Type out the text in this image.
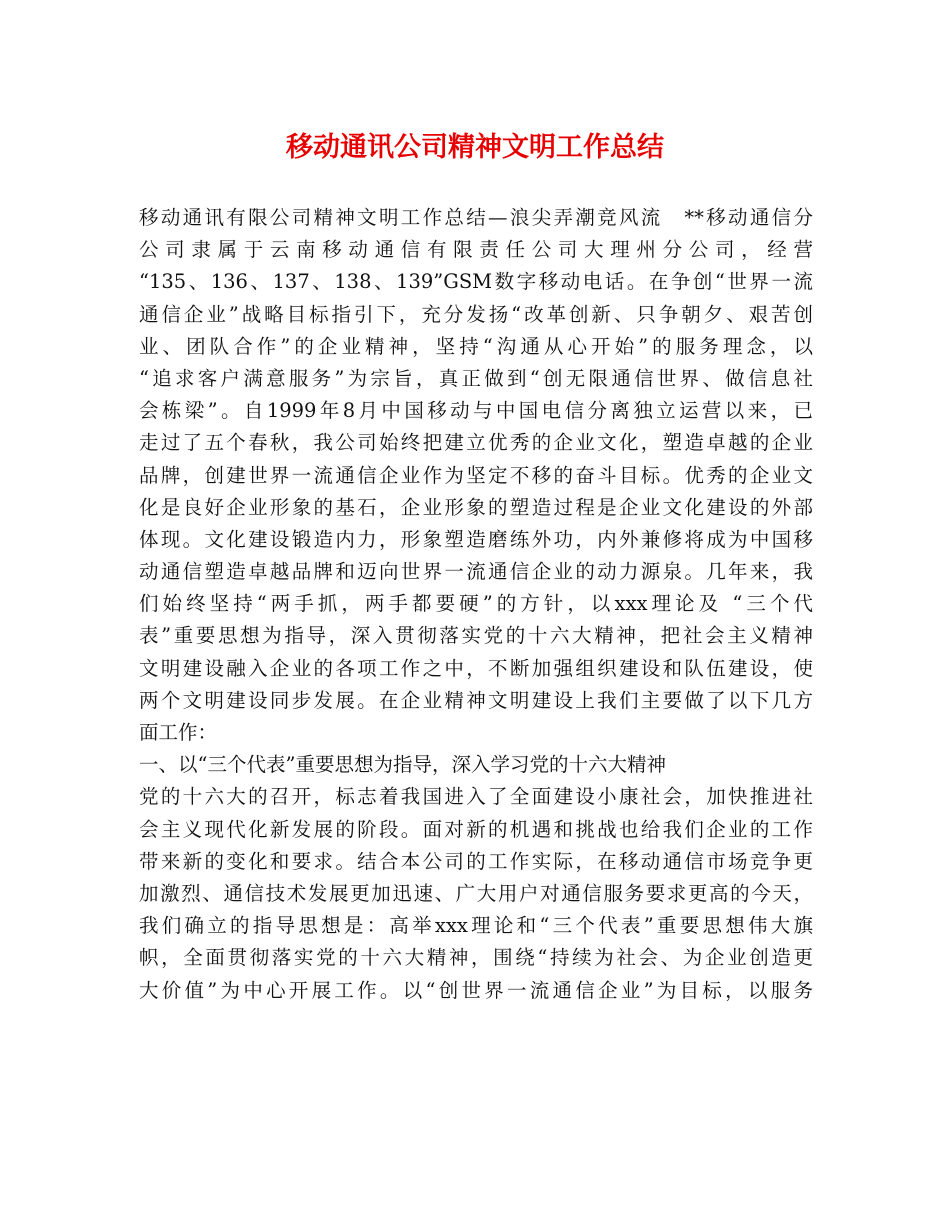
移动通讯公司精神文明工作总结
移动通讯有限公司精神文明工作总结—浪尖弄潮竞风流　**移动通信分
公司隶属于云南移动通信有限责任公司大理州分公司，经营
“135、136、137、138、139”GSM数字移动电话。在争创“世界一流
通信企业”战略目标指引下，充分发扬“改革创新、只争朝夕、艰苦创
业、团队合作”的企业精神，坚持“沟通从心开始”的服务理念，以
“追求客户满意服务”为宗旨，真正做到“创无限通信世界、做信息社
会栋梁”。自1999年8月中国移动与中国电信分离独立运营以来，已
走过了五个春秋，我公司始终把建立优秀的企业文化，塑造卓越的企业
品牌，创建世界一流通信企业作为坚定不移的奋斗目标。优秀的企业文
化是良好企业形象的基石，企业形象的塑造过程是企业文化建设的外部
体现。文化建设锻造内力，形象塑造磨练外功，内外兼修将成为中国移
动通信塑造卓越品牌和迈向世界一流通信企业的动力源泉。几年来，我
们始终坚持“两手抓，两手都要硬”的方针，以xxx理论及 “三个代
表”重要思想为指导，深入贯彻落实党的十六大精神，把社会主义精神
文明建设融入企业的各项工作之中，不断加强组织建设和队伍建设，使
两个文明建设同步发展。在企业精神文明建设上我们主要做了以下几方
面工作：
一、以“三个代表”重要思想为指导，深入学习党的十六大精神
党的十六大的召开，标志着我国进入了全面建设小康社会，加快推进社
会主义现代化新发展的阶段。面对新的机遇和挑战也给我们企业的工作
带来新的变化和要求。结合本公司的工作实际，在移动通信市场竞争更
加激烈、通信技术发展更加迅速、广大用户对通信服务要求更高的今天，
我们确立的指导思想是：高举xxx理论和“三个代表”重要思想伟大旗
帜，全面贯彻落实党的十六大精神，围绕“持续为社会、为企业创造更
大价值”为中心开展工作。以“创世界一流通信企业”为目标，以服务
